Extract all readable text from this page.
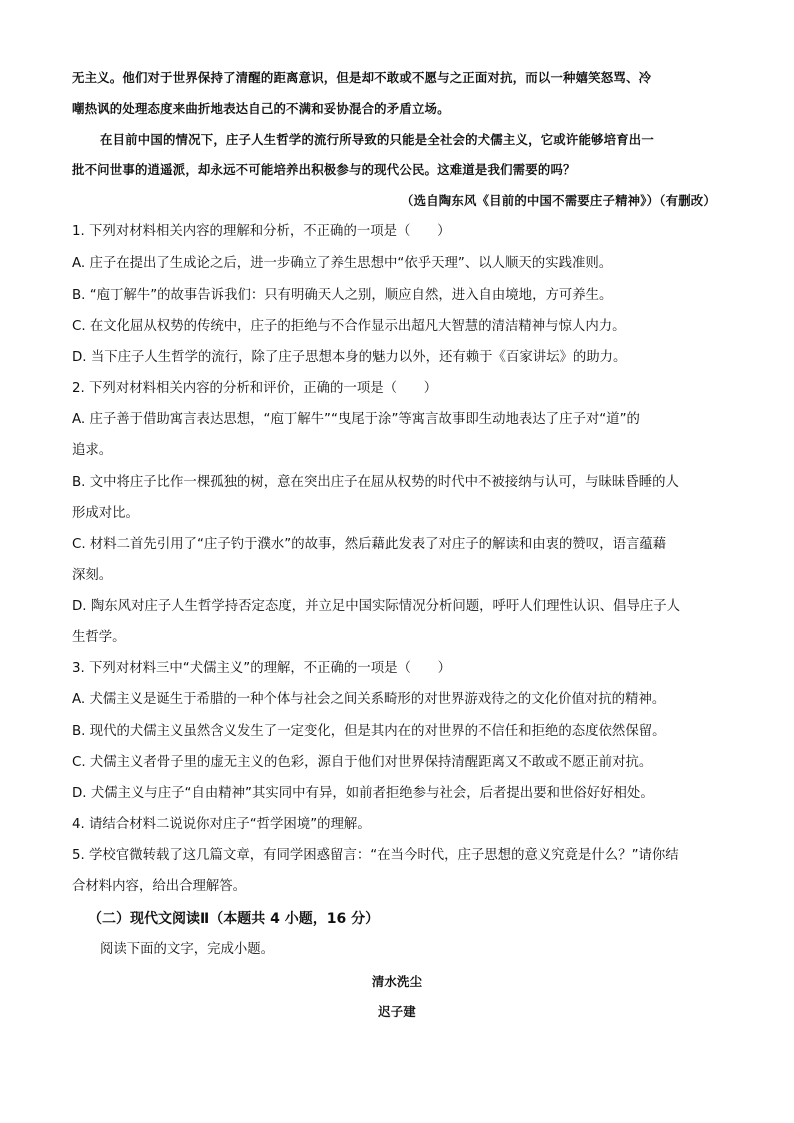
无主义。他们对于世界保持了清醒的距离意识，但是却不敢或不愿与之正面对抗，而以一种嬉笑怒骂、冷
嘲热讽的处理态度来曲折地表达自己的不满和妥协混合的矛盾立场。
在目前中国的情况下，庄子人生哲学的流行所导致的只能是全社会的犬儒主义，它或许能够培育出一
批不问世事的逍遥派，却永远不可能培养出积极参与的现代公民。这难道是我们需要的吗？
（选自陶东风《目前的中国不需要庄子精神》）（有删改）
1. 下列对材料相关内容的理解和分析，不正确的一项是（　　）
A. 庄子在提出了生成论之后，进一步确立了养生思想中“依乎天理”、以人顺天的实践准则。
B. “庖丁解牛”的故事告诉我们：只有明确天人之别，顺应自然，进入自由境地，方可养生。
C. 在文化屈从权势的传统中，庄子的拒绝与不合作显示出超凡大智慧的清洁精神与惊人内力。
D. 当下庄子人生哲学的流行，除了庄子思想本身的魅力以外，还有赖于《百家讲坛》的助力。
2. 下列对材料相关内容的分析和评价，正确的一项是（　　）
A. 庄子善于借助寓言表达思想，“庖丁解牛”“曳尾于涂”等寓言故事即生动地表达了庄子对“道”的
追求。
B. 文中将庄子比作一棵孤独的树，意在突出庄子在屈从权势的时代中不被接纳与认可，与昧昧昏睡的人
形成对比。
C. 材料二首先引用了“庄子钓于濮水”的故事，然后藉此发表了对庄子的解读和由衷的赞叹，语言蕴藉
深刻。
D. 陶东风对庄子人生哲学持否定态度，并立足中国实际情况分析问题，呼吁人们理性认识、倡导庄子人
生哲学。
3. 下列对材料三中“犬儒主义”的理解，不正确的一项是（　　）
A. 犬儒主义是诞生于希腊的一种个体与社会之间关系畸形的对世界游戏待之的文化价值对抗的精神。
B. 现代的犬儒主义虽然含义发生了一定变化，但是其内在的对世界的不信任和拒绝的态度依然保留。
C. 犬儒主义者骨子里的虚无主义的色彩，源自于他们对世界保持清醒距离又不敢或不愿正前对抗。
D. 犬儒主义与庄子“自由精神”其实同中有异，如前者拒绝参与社会，后者提出要和世俗好好相处。
4. 请结合材料二说说你对庄子“哲学困境”的理解。
5. 学校官微转载了这几篇文章，有同学困惑留言：“在当今时代，庄子思想的意义究竟是什么？”请你结
合材料内容，给出合理解答。
（二）现代文阅读Ⅱ（本题共 4 小题，16 分）
阅读下面的文字，完成小题。
清水洗尘
迟子建
